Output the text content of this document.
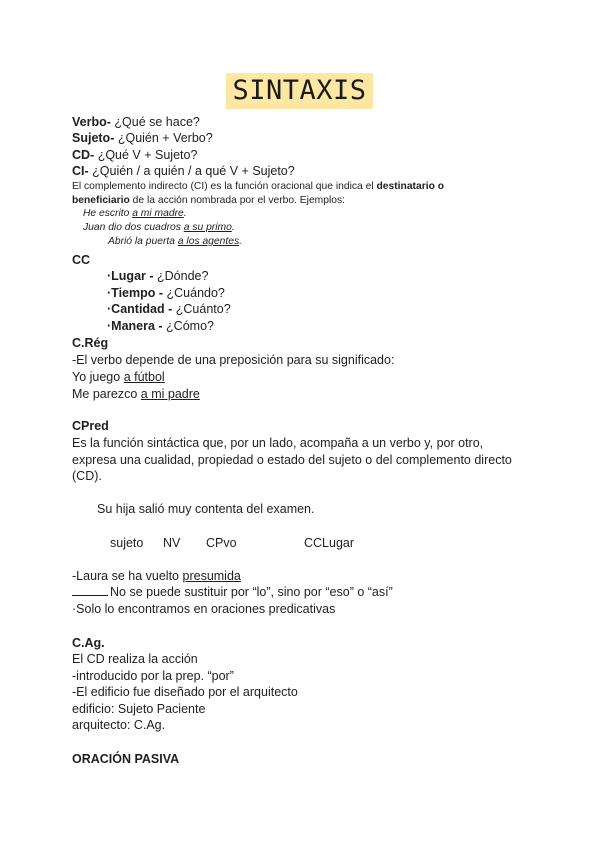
SINTAXIS
Verbo- ¿Qué se hace?
Sujeto- ¿Quién + Verbo?
CD- ¿Qué V + Sujeto?
CI- ¿Quién / a quién / a qué V + Sujeto?
El complemento indirecto (CI) es la función oracional que indica el destinatario o
beneficiario de la acción nombrada por el verbo. Ejemplos:
He escrito a mi madre.
Juan dio dos cuadros a su primo.
Abrió la puerta a los agentes.
CC
·Lugar - ¿Dónde?
·Tiempo - ¿Cuándo?
·Cantidad - ¿Cuánto?
·Manera - ¿Cómo?
C.Rég
-El verbo depende de una preposición para su significado:
Yo juego a fútbol
Me parezco a mi padre
CPred
Es la función sintáctica que, por un lado, acompaña a un verbo y, por otro, expresa una cualidad, propiedad o estado del sujeto o del complemento directo (CD).
Su hija salió muy contenta del examen.
sujeto NV CPvo	CCLugar
-Laura se ha vuelto presumida
No se puede sustituir por “lo”, sino por “eso” o “así”
·Solo lo encontramos en oraciones predicativas
C.Ag.
El CD realiza la acción
-introducido por la prep. “por”
-El edificio fue diseñado por el arquitecto
edificio: Sujeto Paciente
arquitecto: C.Ag.
ORACIÓN PASIVA
